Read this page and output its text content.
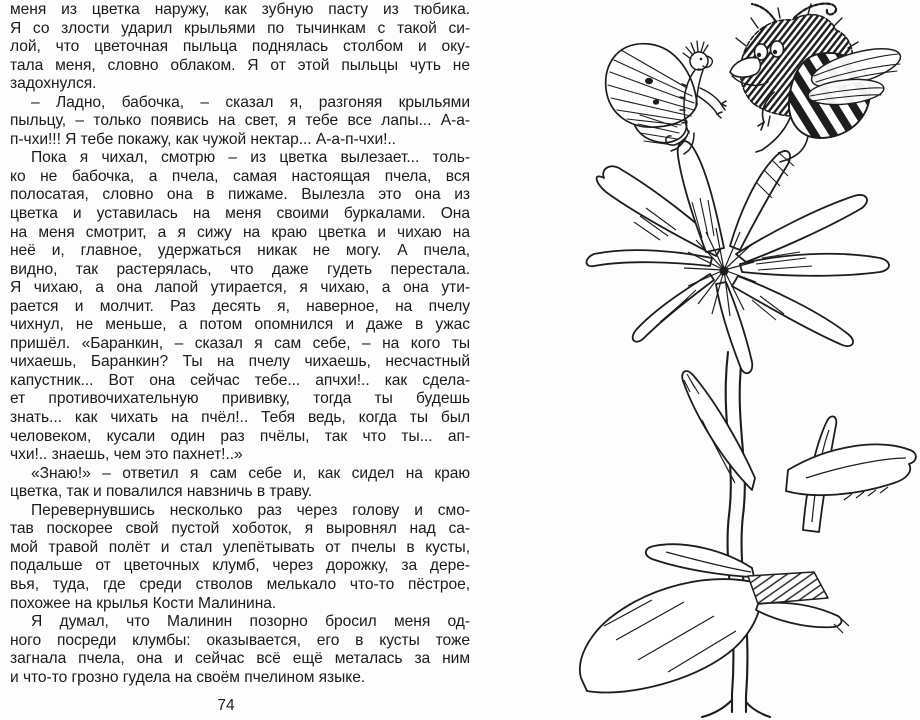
меня из цветка наружу, как зубную пасту из тюбика.
Я со злости ударил крыльями по тычинкам с такой си-
лой, что цветочная пыльца поднялась столбом и оку-
тала меня, словно облаком. Я от этой пыльцы чуть не
задохнулся.
– Ладно, бабочка, – сказал я, разгоняя крыльями
пыльцу, – только появись на свет, я тебе все лапы... А-а-
п-чхи!!! Я тебе покажу, как чужой нектар... А-а-п-чхи!..
Пока я чихал, смотрю – из цветка вылезает... толь-
ко не бабочка, а пчела, самая настоящая пчела, вся
полосатая, словно она в пижаме. Вылезла это она из
цветка и уставилась на меня своими буркалами. Она
на меня смотрит, а я сижу на краю цветка и чихаю на
неё и, главное, удержаться никак не могу. А пчела,
видно, так растерялась, что даже гудеть перестала.
Я чихаю, а она лапой утирается, я чихаю, а она ути-
рается и молчит. Раз десять я, наверное, на пчелу
чихнул, не меньше, а потом опомнился и даже в ужас
пришёл. «Баранкин, – сказал я сам себе, – на кого ты
чихаешь, Баранкин? Ты на пчелу чихаешь, несчастный
капустник... Вот она сейчас тебе... апчхи!.. как сдела-
ет противочихательную прививку, тогда ты будешь
знать... как чихать на пчёл!.. Тебя ведь, когда ты был
человеком, кусали один раз пчёлы, так что ты... ап-
чхи!.. знаешь, чем это пахнет!..»
«Знаю!» – ответил я сам себе и, как сидел на краю
цветка, так и повалился навзничь в траву.
Перевернувшись несколько раз через голову и смо-
тав поскорее свой пустой хоботок, я выровнял над са-
мой травой полёт и стал улепётывать от пчелы в кусты,
подальше от цветочных клумб, через дорожку, за дере-
вья, туда, где среди стволов мелькало что-то пёстрое,
похожее на крылья Кости Малинина.
Я думал, что Малинин позорно бросил меня од-
ного посреди клумбы: оказывается, его в кусты тоже
загнала пчела, она и сейчас всё ещё металась за ним
и что-то грозно гудела на своём пчелином языке.
74
